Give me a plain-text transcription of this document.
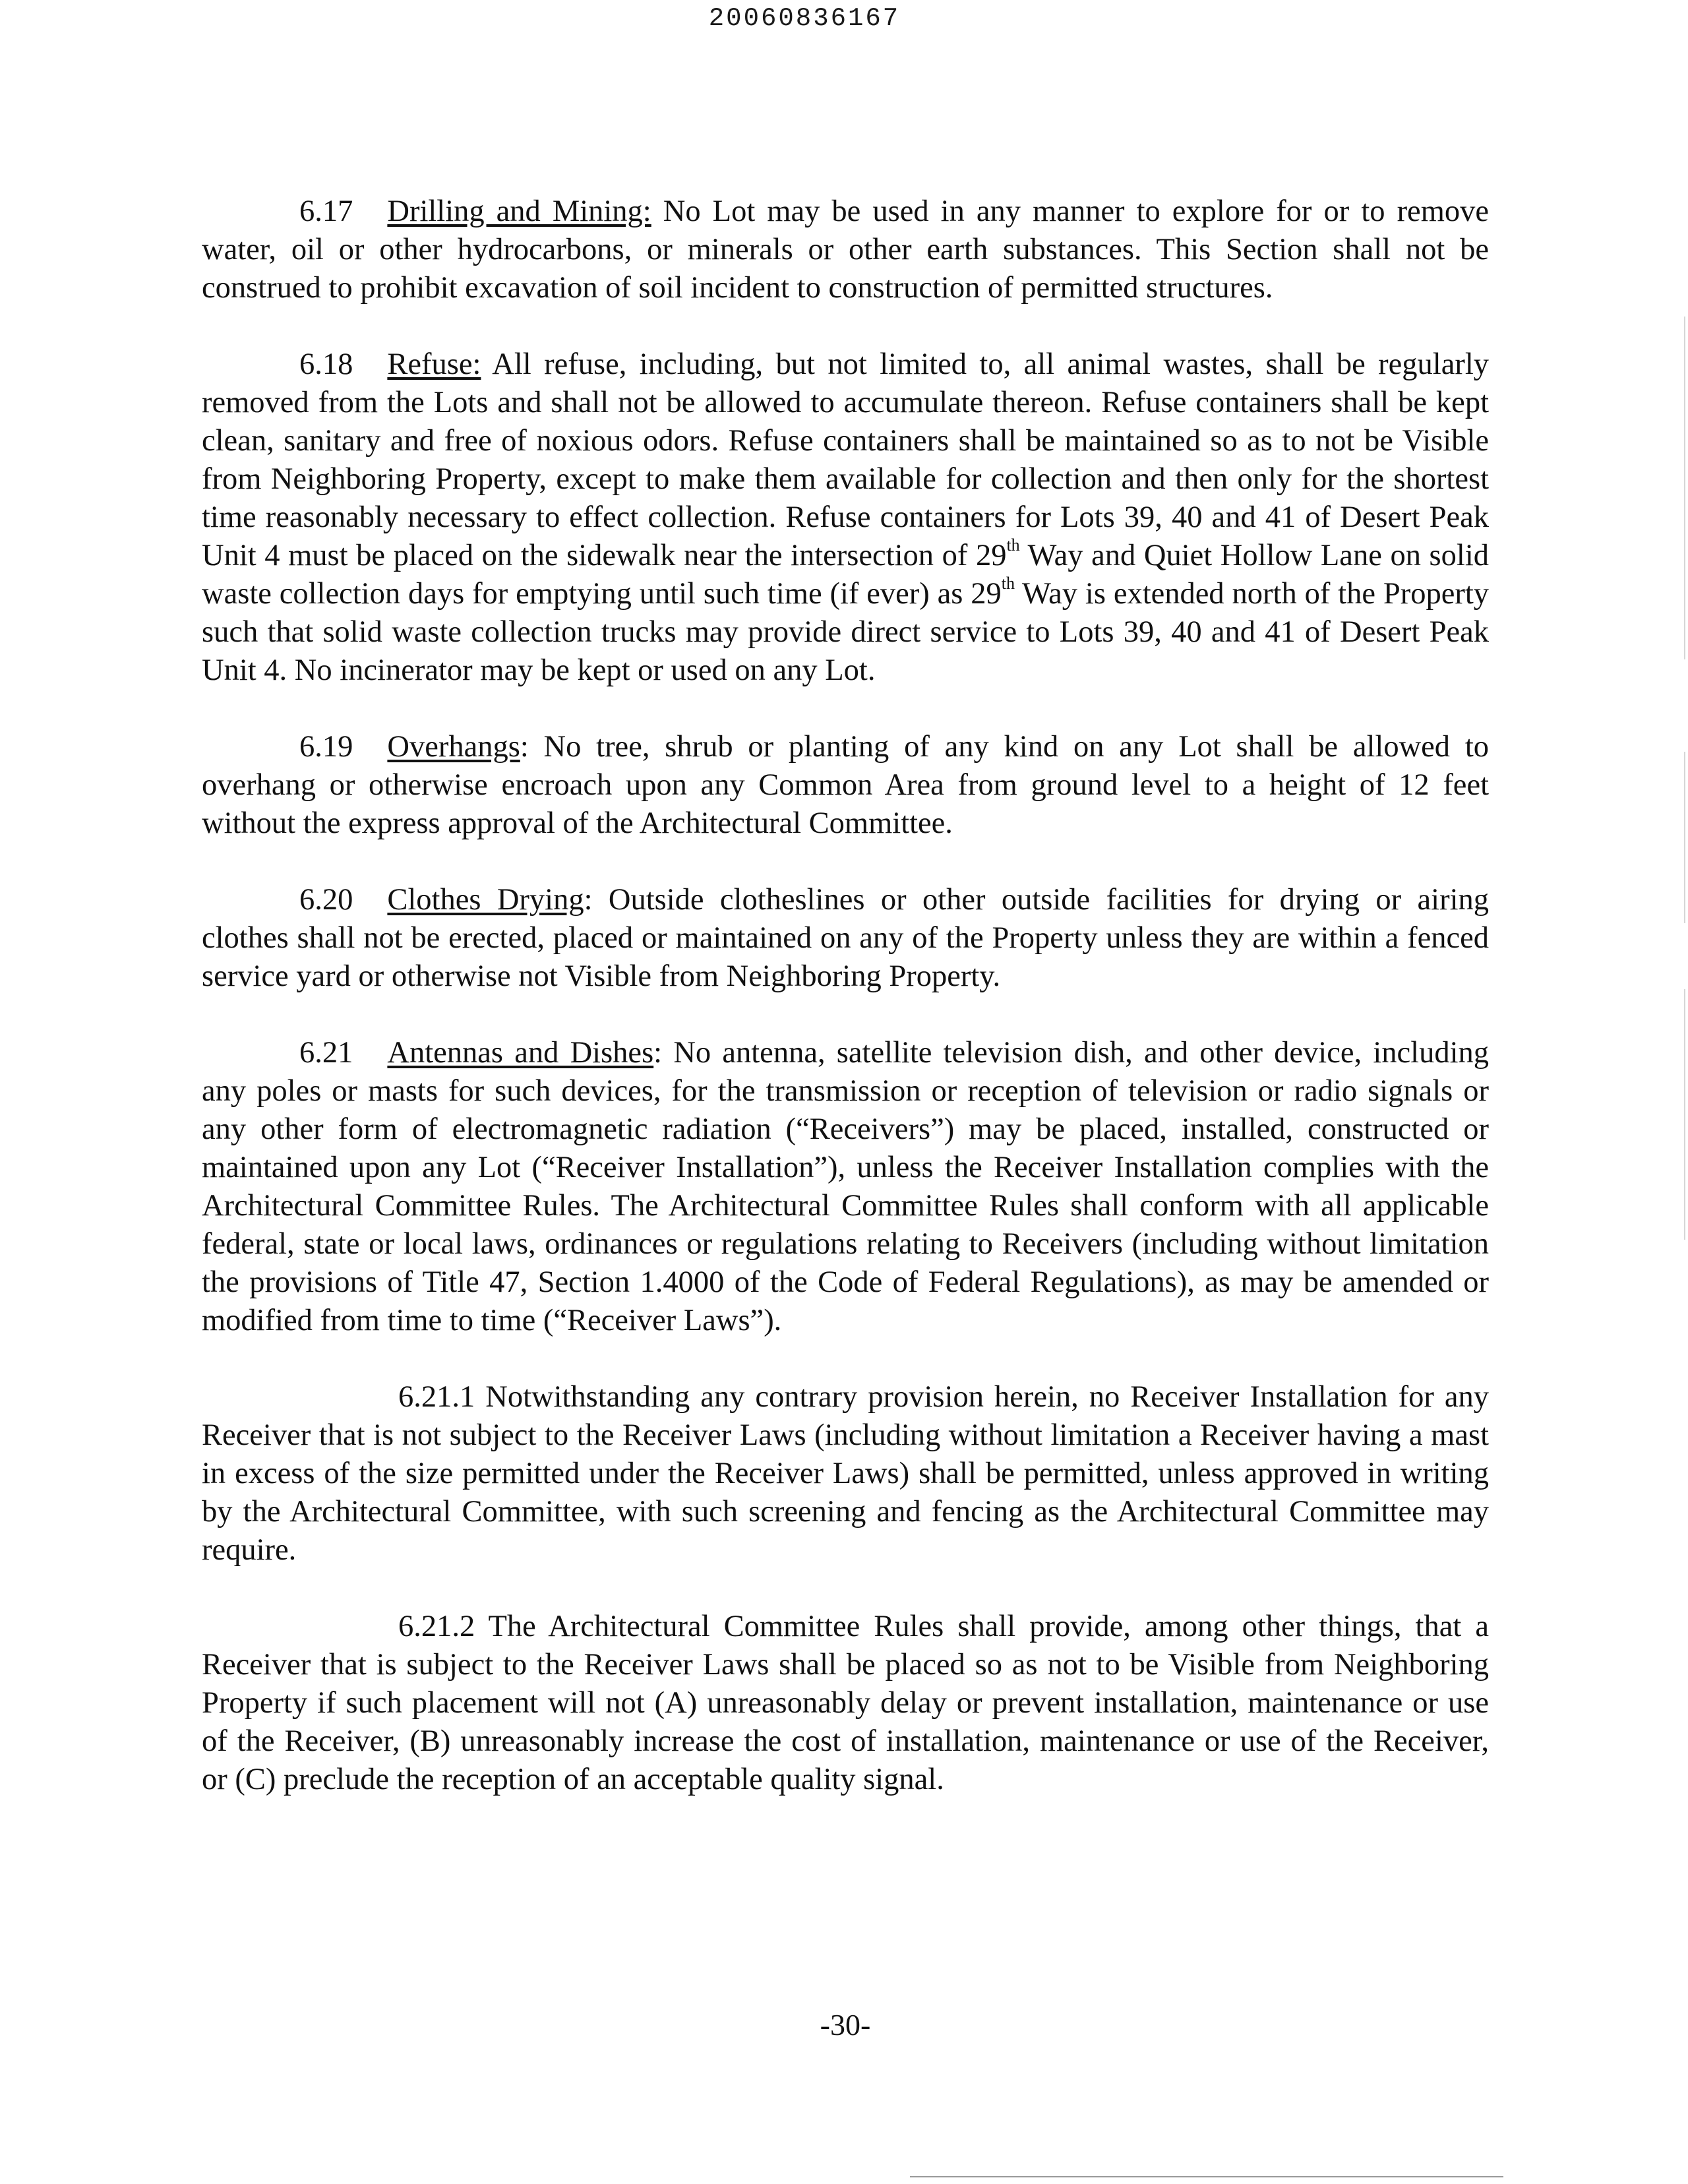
20060836167

6.17 Drilling and Mining: No Lot may be used in any manner to explore for or to remove water, oil or other hydrocarbons, or minerals or other earth substances. This Section shall not be construed to prohibit excavation of soil incident to construction of permitted structures.

6.18 Refuse: All refuse, including, but not limited to, all animal wastes, shall be regularly removed from the Lots and shall not be allowed to accumulate thereon. Refuse containers shall be kept clean, sanitary and free of noxious odors. Refuse containers shall be maintained so as to not be Visible from Neighboring Property, except to make them available for collection and then only for the shortest time reasonably necessary to effect collection. Refuse containers for Lots 39, 40 and 41 of Desert Peak Unit 4 must be placed on the sidewalk near the intersection of 29th Way and Quiet Hollow Lane on solid waste collection days for emptying until such time (if ever) as 29th Way is extended north of the Property such that solid waste collection trucks may provide direct service to Lots 39, 40 and 41 of Desert Peak Unit 4. No incinerator may be kept or used on any Lot.

6.19 Overhangs: No tree, shrub or planting of any kind on any Lot shall be allowed to overhang or otherwise encroach upon any Common Area from ground level to a height of 12 feet without the express approval of the Architectural Committee.

6.20 Clothes Drying: Outside clotheslines or other outside facilities for drying or airing clothes shall not be erected, placed or maintained on any of the Property unless they are within a fenced service yard or otherwise not Visible from Neighboring Property.

6.21 Antennas and Dishes: No antenna, satellite television dish, and other device, including any poles or masts for such devices, for the transmission or reception of television or radio signals or any other form of electromagnetic radiation (“Receivers”) may be placed, installed, constructed or maintained upon any Lot (“Receiver Installation”), unless the Receiver Installation complies with the Architectural Committee Rules. The Architectural Committee Rules shall conform with all applicable federal, state or local laws, ordinances or regulations relating to Receivers (including without limitation the provisions of Title 47, Section 1.4000 of the Code of Federal Regulations), as may be amended or modified from time to time (“Receiver Laws”).

6.21.1 Notwithstanding any contrary provision herein, no Receiver Installation for any Receiver that is not subject to the Receiver Laws (including without limitation a Receiver having a mast in excess of the size permitted under the Receiver Laws) shall be permitted, unless approved in writing by the Architectural Committee, with such screening and fencing as the Architectural Committee may require.

6.21.2 The Architectural Committee Rules shall provide, among other things, that a Receiver that is subject to the Receiver Laws shall be placed so as not to be Visible from Neighboring Property if such placement will not (A) unreasonably delay or prevent installation, maintenance or use of the Receiver, (B) unreasonably increase the cost of installation, maintenance or use of the Receiver, or (C) preclude the reception of an acceptable quality signal.

-30-
